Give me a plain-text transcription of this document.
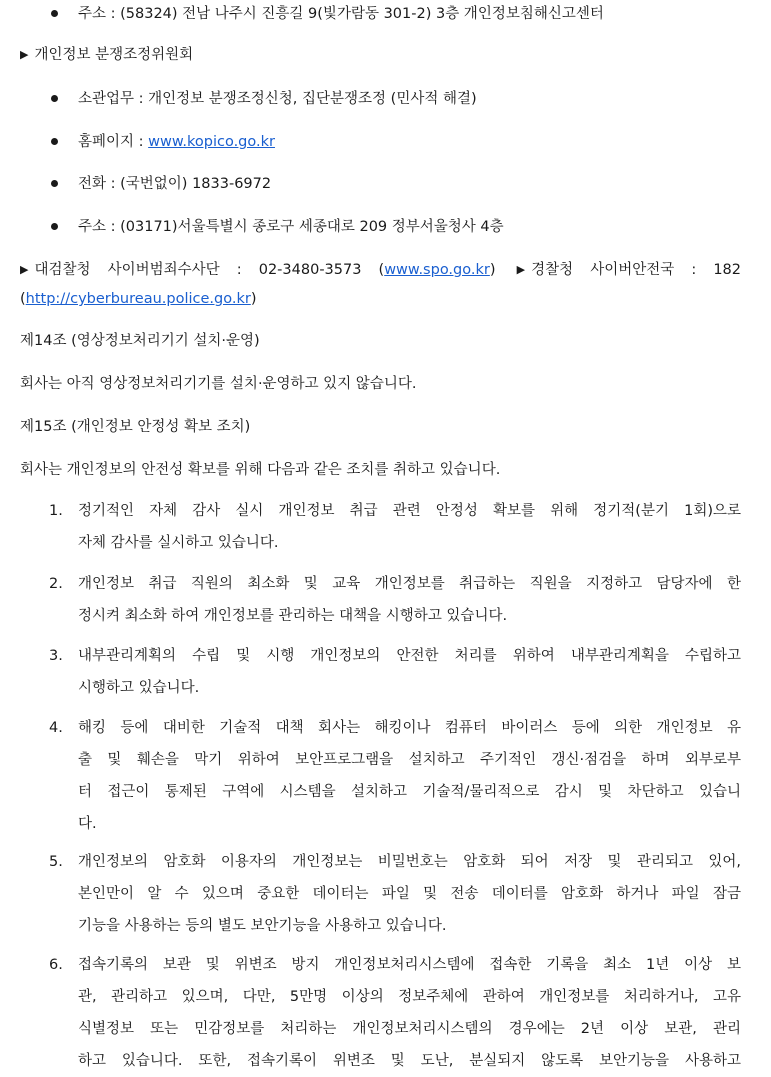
주소 : (58324) 전남 나주시 진흥길 9(빛가람동 301-2) 3층 개인정보침해신고센터
▶ 개인정보 분쟁조정위원회
소관업무 : 개인정보 분쟁조정신청, 집단분쟁조정 (민사적 해결)
홈페이지 : www.kopico.go.kr
전화 : (국번없이) 1833-6972
주소 : (03171)서울특별시 종로구 세종대로 209 정부서울청사 4층
▶ 대검찰청 사이버범죄수사단 : 02-3480-3573 (www.spo.go.kr) ▶ 경찰청 사이버안전국 : 182
(http://cyberbureau.police.go.kr)
제14조 (영상정보처리기기 설치·운영)
회사는 아직 영상정보처리기기를 설치·운영하고 있지 않습니다.
제15조 (개인정보 안정성 확보 조치)
회사는 개인정보의 안전성 확보를 위해 다음과 같은 조치를 취하고 있습니다.
1. 정기적인 자체 감사 실시 개인정보 취급 관련 안정성 확보를 위해 정기적(분기 1회)으로
자체 감사를 실시하고 있습니다.
2. 개인정보 취급 직원의 최소화 및 교육 개인정보를 취급하는 직원을 지정하고 담당자에 한
정시켜 최소화 하여 개인정보를 관리하는 대책을 시행하고 있습니다.
3. 내부관리계획의 수립 및 시행 개인정보의 안전한 처리를 위하여 내부관리계획을 수립하고
시행하고 있습니다.
4. 해킹 등에 대비한 기술적 대책 회사는 해킹이나 컴퓨터 바이러스 등에 의한 개인정보 유
출 및 훼손을 막기 위하여 보안프로그램을 설치하고 주기적인 갱신·점검을 하며 외부로부
터 접근이 통제된 구역에 시스템을 설치하고 기술적/물리적으로 감시 및 차단하고 있습니
다.
5. 개인정보의 암호화 이용자의 개인정보는 비밀번호는 암호화 되어 저장 및 관리되고 있어,
본인만이 알 수 있으며 중요한 데이터는 파일 및 전송 데이터를 암호화 하거나 파일 잠금
기능을 사용하는 등의 별도 보안기능을 사용하고 있습니다.
6. 접속기록의 보관 및 위변조 방지 개인정보처리시스템에 접속한 기록을 최소 1년 이상 보
관, 관리하고 있으며, 다만, 5만명 이상의 정보주체에 관하여 개인정보를 처리하거나, 고유
식별정보 또는 민감정보를 처리하는 개인정보처리시스템의 경우에는 2년 이상 보관, 관리
하고 있습니다. 또한, 접속기록이 위변조 및 도난, 분실되지 않도록 보안기능을 사용하고
